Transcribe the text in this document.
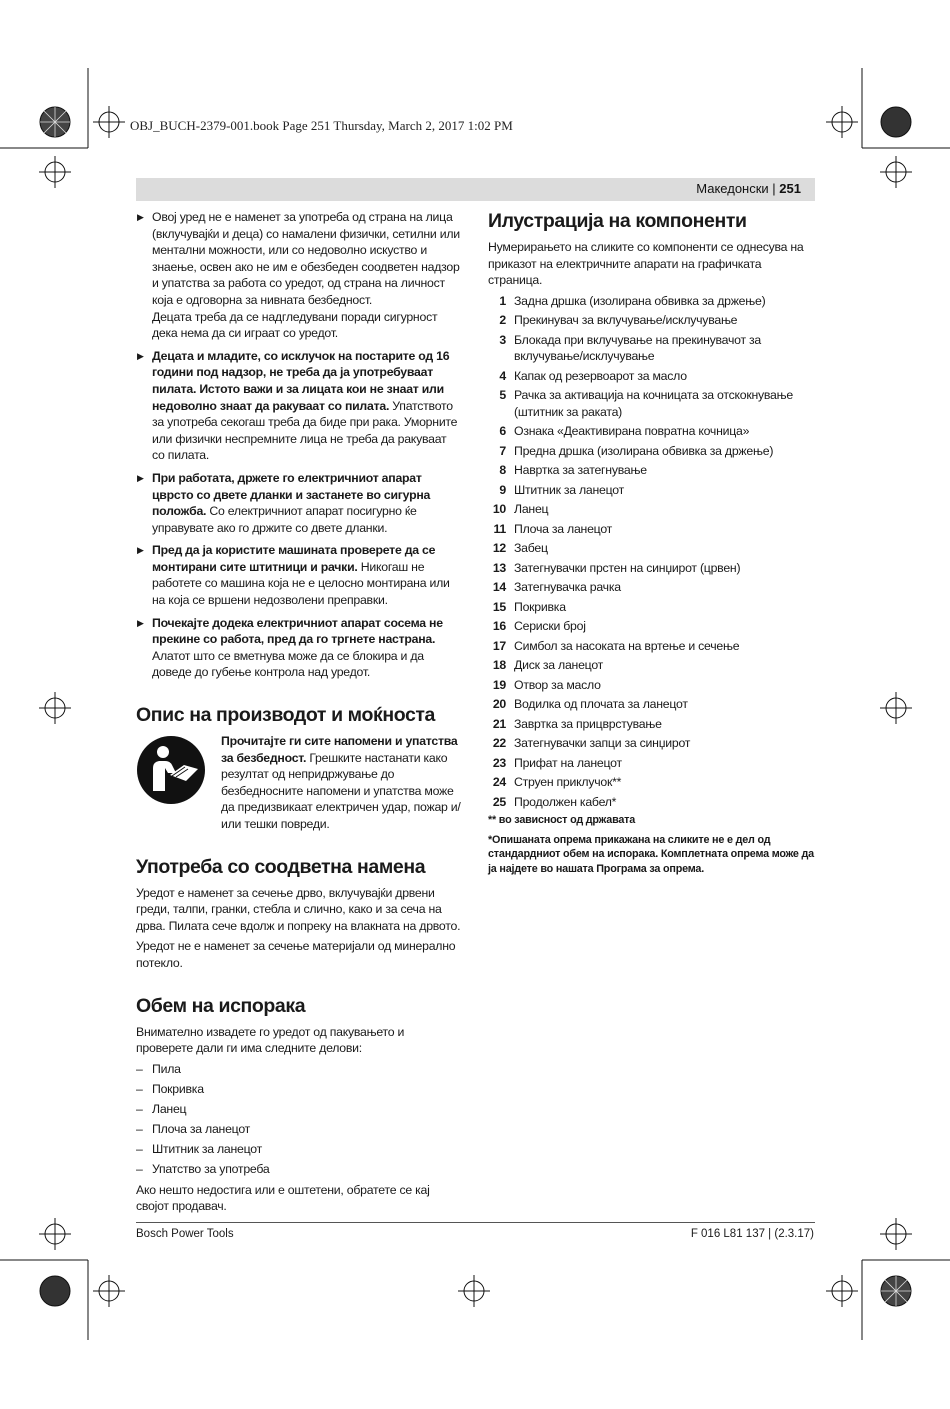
OBJ_BUCH-2379-001.book Page 251 Thursday, March 2, 2017 1:02 PM
Македонски | 251

▶ Овој уред не е наменет за употреба од страна на лица (вклучувајќи и деца) со намалени физички, сетилни или ментални можности, или со недоволно искуство и знаење, освен ако не им е обезбеден соодветен надзор и упатства за работа со уредот, од страна на личност која е одговорна за нивната безбедност.

Децата треба да се надгледувани поради сигурност дека нема да си играат со уредот.

▶ Децата и младите, со исклучок на постарите од 16 години под надзор, не треба да ја употребуваат пилата. Истото важи и за лицата кои не знаат или недоволно знаат да ракуваат со пилата. Упатството за употреба секогаш треба да биде при рака. Уморните или физички неспремните лица не треба да ракуваат со пилата.

▶ При работата, држете го електричниот апарат цврсто со двете дланки и застанете во сигурна положба. Со електричниот апарат посигурно ќе управувате ако го држите со двете дланки.

▶ Пред да ја користите машината проверете да се монтирани сите штитници и рачки. Никогаш не работете со машина која не е целосно монтирана или на која се вршени недозволени преправки.

▶ Почекајте додека електричниот апарат сосема не прекине со работа, пред да го тргнете настрана. Алатот што се вметнува може да се блокира и да доведе до губење контрола над уредот.

Опис на производот и моќноста
Прочитајте ги сите напомени и упатства за безбедност. Грешките настанати како резултат од непридржување до безбедносните напомени и упатства може да предизвикаат електричен удар, пожар и/или тешки повреди.
Употреба со соодветна намена

Уредот е наменет за сечење дрво, вклучувајќи дрвени греди, талпи, гранки, стебла и слично, како и за сеча на дрва. Пилата сече вдолж и попреку на влакната на дрвото.

Уредот не е наменет за сечење материјали од минерално потекло.

Обем на испорака

Внимателно извадете го уредот од пакувањето и проверете дали ги има следните делови:

– Пила
– Покривка
– Ланец
– Плоча за ланецот
– Штитник за ланецот
– Упатство за употреба

Ако нешто недостига или е оштетени, обратете се кај својот продавач.

Илустрација на компоненти

Нумерирањето на сликите со компоненти се однесува на приказот на електричните апарати на графичката страница.

1 Задна дршка (изолирана обвивка за држење)
2 Прекинувач за вклучување/исклучување
3 Блокада при вклучување на прекинувачот за вклучување/исклучување
4 Капак од резервоарот за масло
5 Рачка за активација на кочницата за отскокнување (штитник за раката)
6 Ознака «Деактивирана повратна кочница»
7 Предна дршка (изолирана обвивка за држење)
8 Навртка за затегнување
9 Штитник за ланецот
10 Ланец
11 Плоча за ланецот
12 Забец
13 Затегнувачки прстен на синџирот (црвен)
14 Затегнувачка рачка
15 Покривка
16 Сериски број
17 Симбол за насоката на вртење и сечење
18 Диск за ланецот
19 Отвор за масло
20 Водилка од плочата за ланецот
21 Завртка за прицврстување
22 Затегнувачки запци за синџирот
23 Прифат на ланецот
24 Струен приклучок**
25 Продолжен кабел*
** во зависност од државата
*Опишаната опрема прикажана на сликите не е дел од стандардниот обем на испорака. Комплетната опрема може да ја најдете во нашата Програма за опрема.
Bosch Power Tools	F 016 L81 137 | (2.3.17)
